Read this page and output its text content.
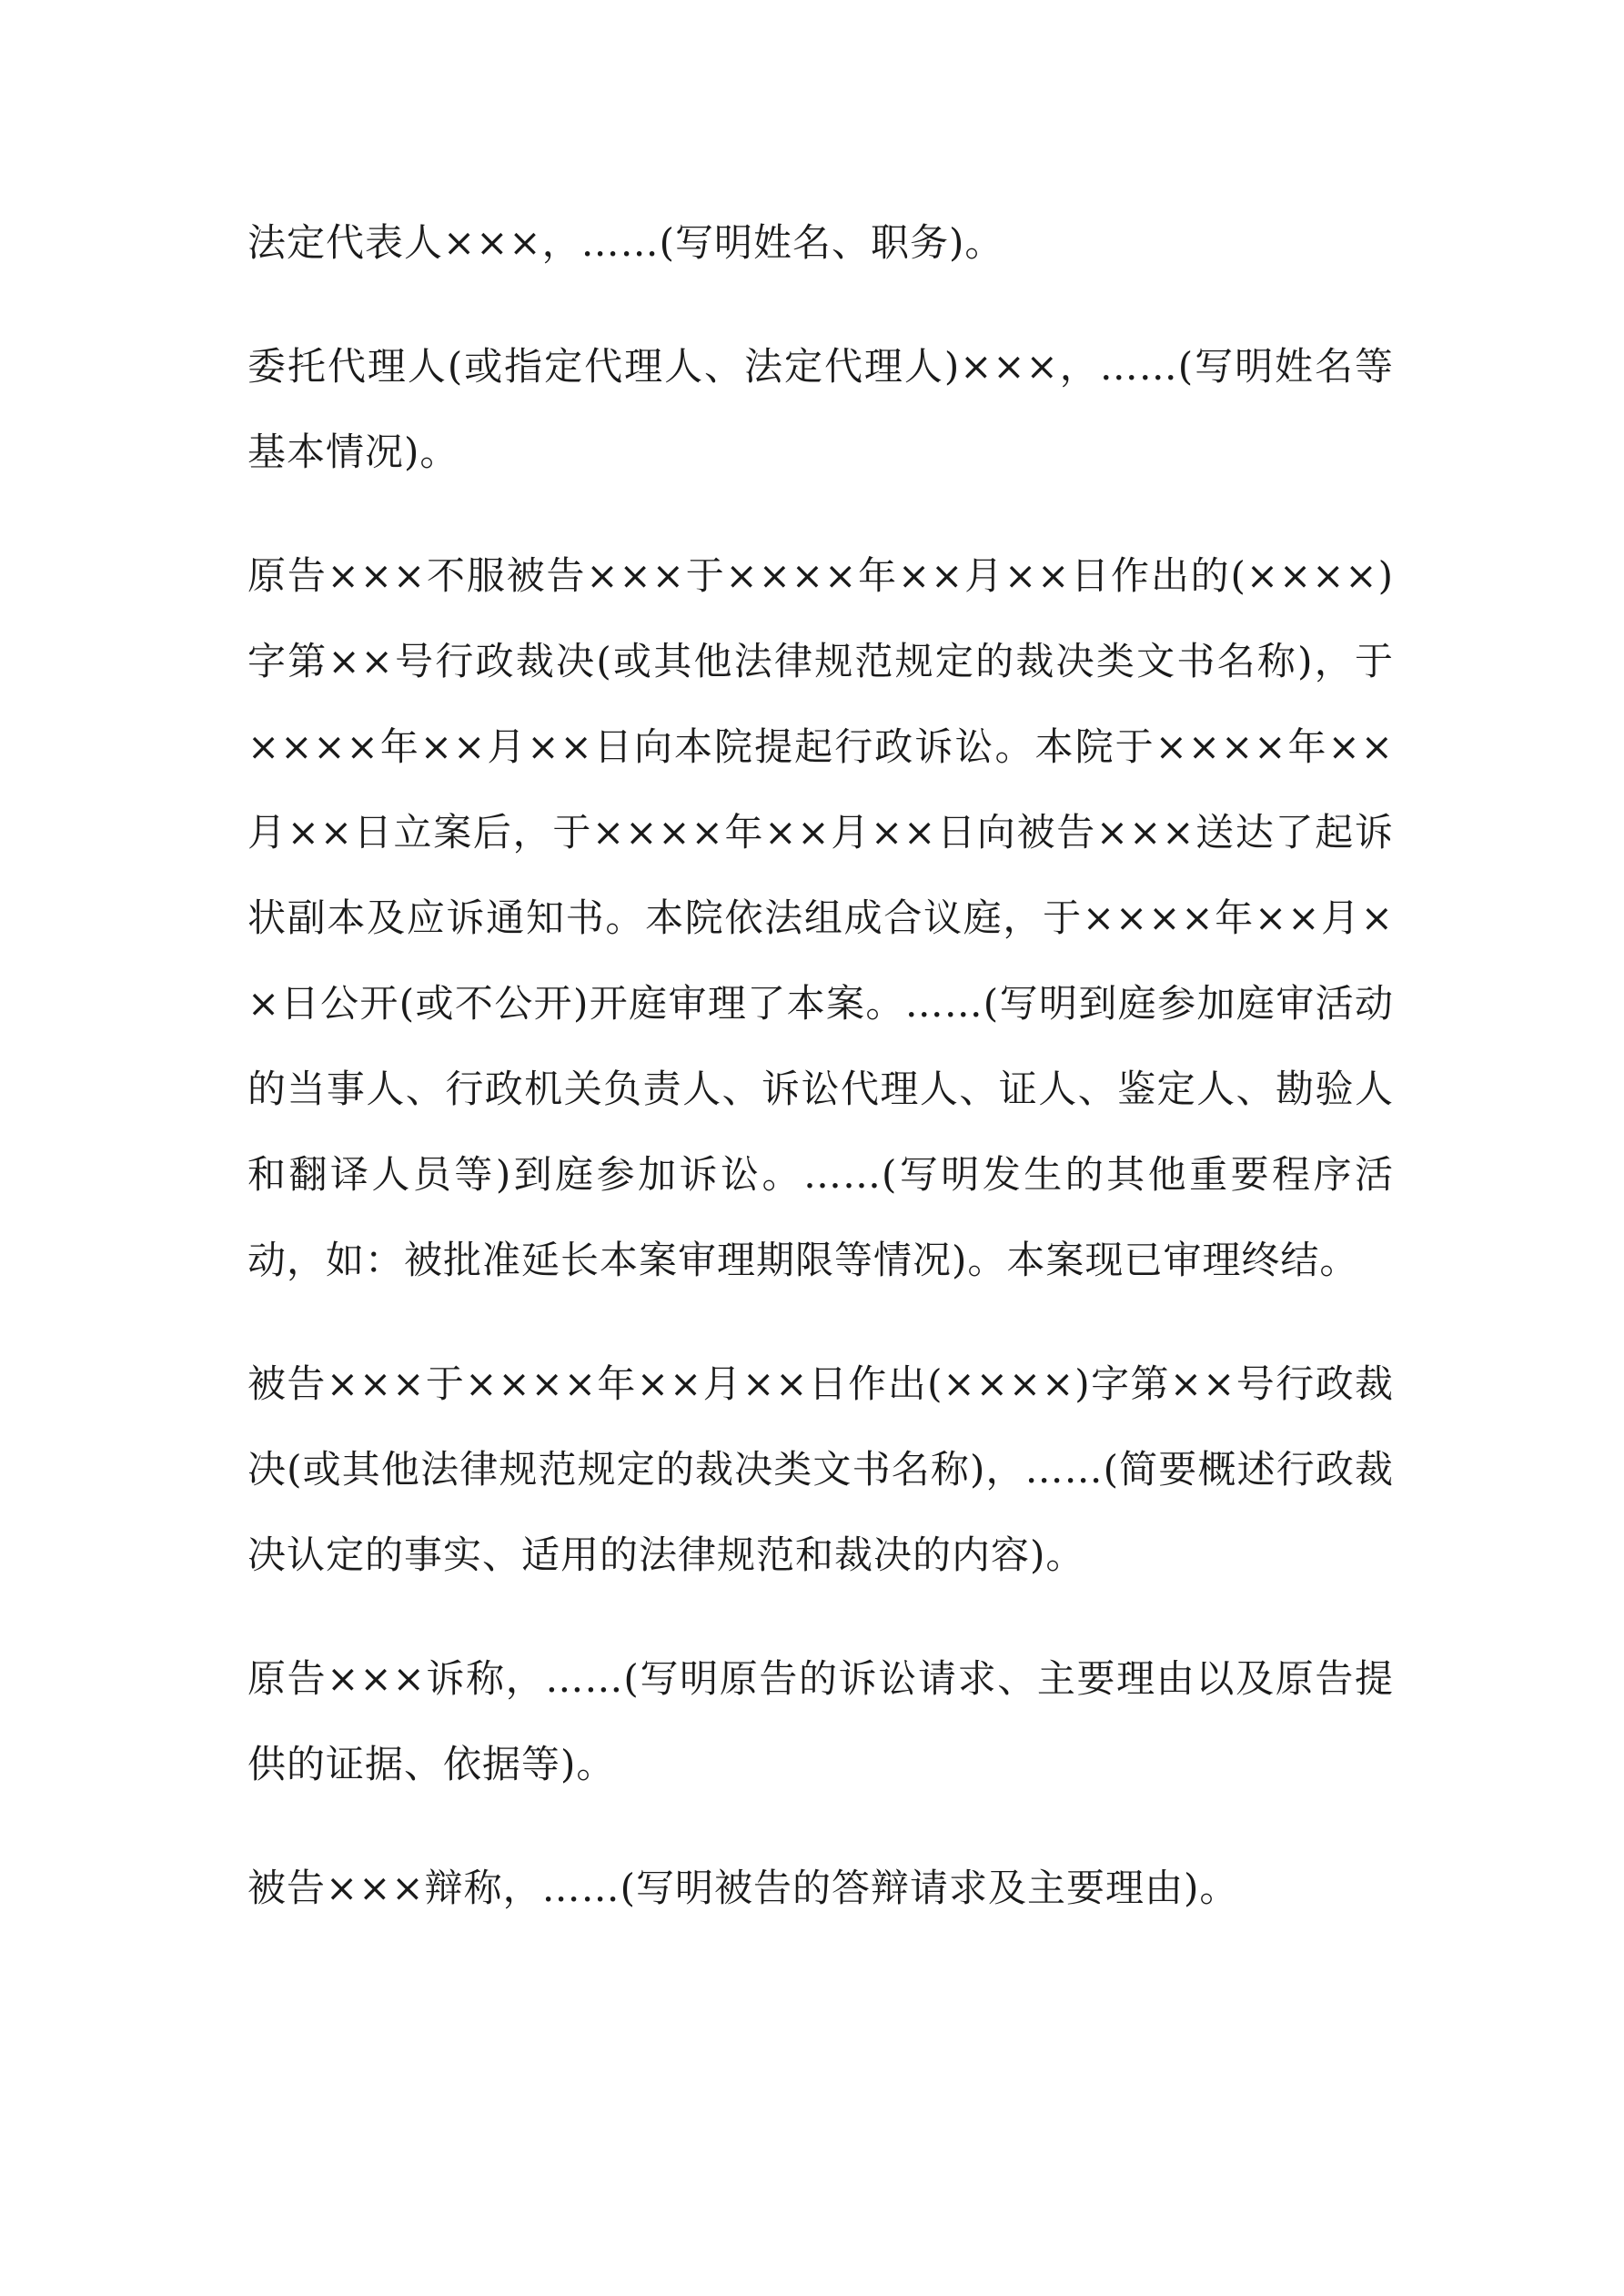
法定代表人×××，……(写明姓名、职务)。

委托代理人(或指定代理人、法定代理人)×××，……(写明姓名等基本情况)。

原告×××不服被告×××于××××年××月××日作出的(××××)字第××号行政裁决(或其他法律规范规定的裁决类文书名称)，于××××年××月××日向本院提起行政诉讼。本院于××××年××月××日立案后，于××××年××月××日向被告×××送达了起诉状副本及应诉通知书。本院依法组成合议庭，于××××年××月××日公开(或不公开)开庭审理了本案。……(写明到庭参加庭审活动的当事人、行政机关负责人、诉讼代理人、证人、鉴定人、勘验人和翻译人员等)到庭参加诉讼。……(写明发生的其他重要程序活动，如：被批准延长本案审理期限等情况)。本案现已审理终结。

被告×××于××××年××月××日作出(××××)字第××号行政裁决(或其他法律规范规定的裁决类文书名称)，……(简要概述行政裁决认定的事实、适用的法律规范和裁决的内容)。

原告×××诉称，……(写明原告的诉讼请求、主要理由以及原告提供的证据、依据等)。

被告×××辩称，……(写明被告的答辩请求及主要理由)。
